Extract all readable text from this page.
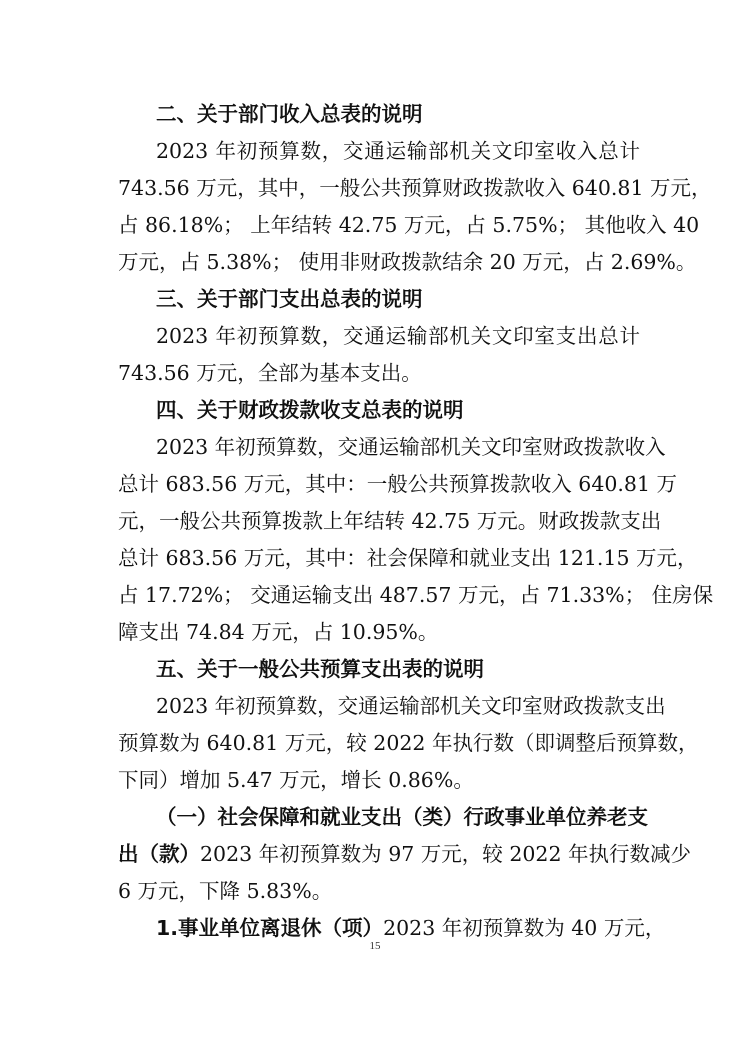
二、关于部门收入总表的说明
2023 年初预算数，交通运输部机关文印室收入总计
743.56 万元，其中，一般公共预算财政拨款收入 640.81 万元，
占 86.18%； 上年结转 42.75 万元，占 5.75%； 其他收入 40
万元，占 5.38%； 使用非财政拨款结余 20 万元，占 2.69%。
三、关于部门支出总表的说明
2023 年初预算数，交通运输部机关文印室支出总计
743.56 万元，全部为基本支出。
四、关于财政拨款收支总表的说明
2023 年初预算数，交通运输部机关文印室财政拨款收入
总计 683.56 万元，其中：一般公共预算拨款收入 640.81 万
元，一般公共预算拨款上年结转 42.75 万元。财政拨款支出
总计 683.56 万元，其中：社会保障和就业支出 121.15 万元，
占 17.72%； 交通运输支出 487.57 万元，占 71.33%； 住房保
障支出 74.84 万元，占 10.95%。
五、关于一般公共预算支出表的说明
2023 年初预算数，交通运输部机关文印室财政拨款支出
预算数为 640.81 万元，较 2022 年执行数（即调整后预算数，
下同）增加 5.47 万元，增长 0.86%。
（一）社会保障和就业支出（类）行政事业单位养老支
出（款）2023 年初预算数为 97 万元，较 2022 年执行数减少
6 万元，下降 5.83%。
1.事业单位离退休（项）2023 年初预算数为 40 万元，
15
